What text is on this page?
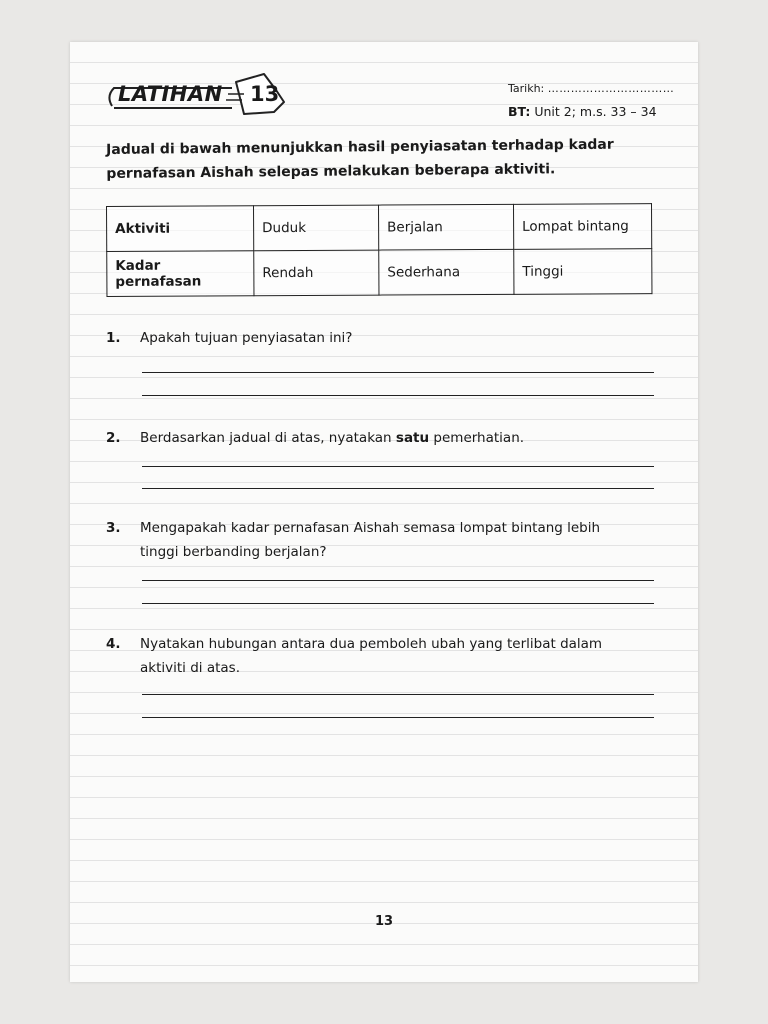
LATIHAN 13	Tarikh: ……………………………
BT: Unit 2; m.s. 33 – 34
Jadual di bawah menunjukkan hasil penyiasatan terhadap kadar pernafasan Aishah selepas melakukan beberapa aktiviti.
Aktiviti	Duduk	Berjalan	Lompat bintang
Kadar pernafasan	Rendah	Sederhana	Tinggi
1. Apakah tujuan penyiasatan ini?
2. Berdasarkan jadual di atas, nyatakan satu pemerhatian.
3. Mengapakah kadar pernafasan Aishah semasa lompat bintang lebih tinggi berbanding berjalan?
4. Nyatakan hubungan antara dua pemboleh ubah yang terlibat dalam aktiviti di atas.
13
